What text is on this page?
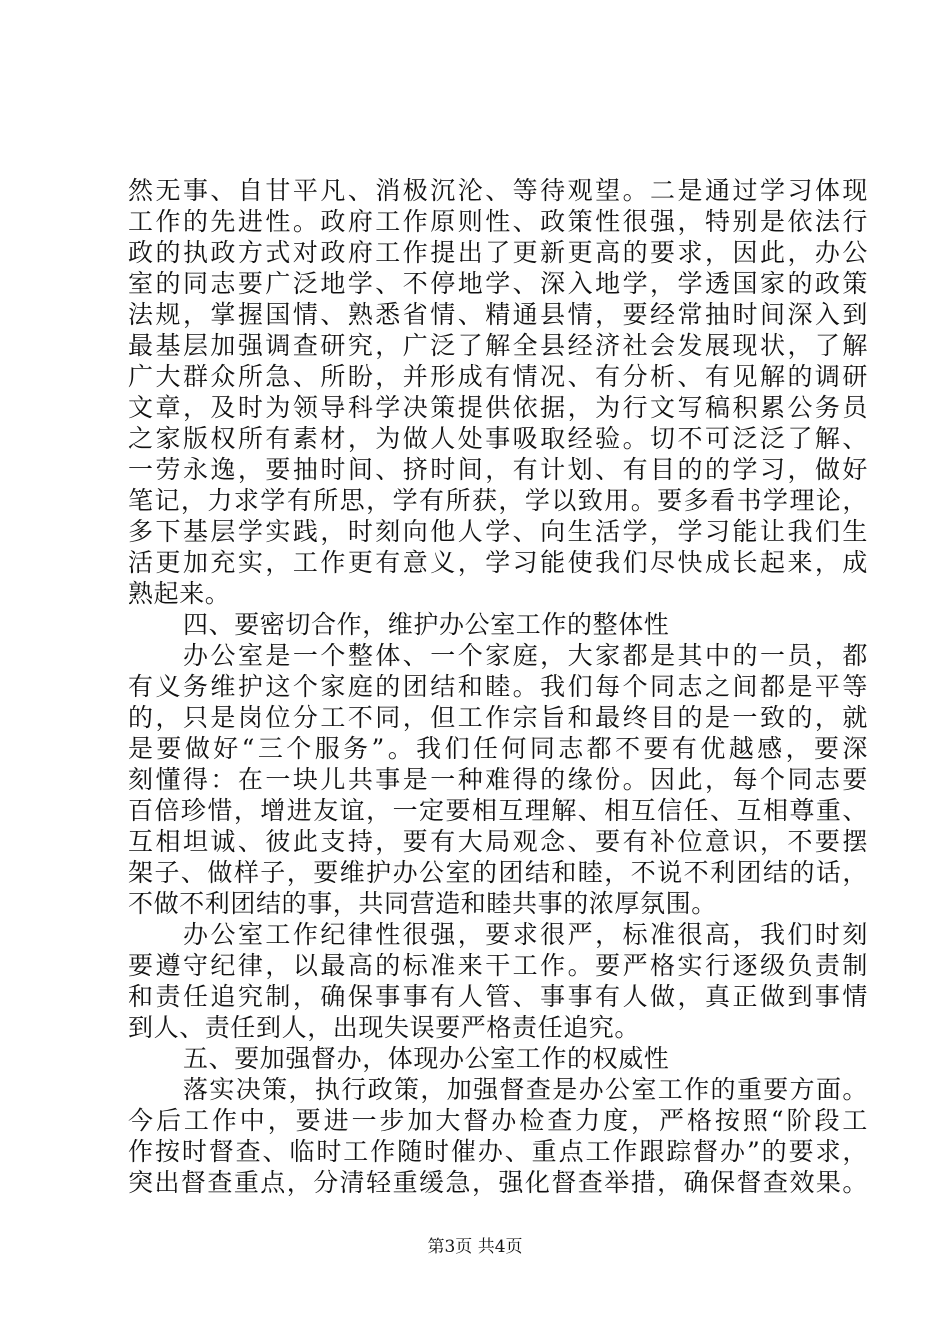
然无事、自甘平凡、消极沉沦、等待观望。二是通过学习体现
工作的先进性。政府工作原则性、政策性很强，特别是依法行
政的执政方式对政府工作提出了更新更高的要求，因此，办公
室的同志要广泛地学、不停地学、深入地学，学透国家的政策
法规，掌握国情、熟悉省情、精通县情，要经常抽时间深入到
最基层加强调查研究，广泛了解全县经济社会发展现状，了解
广大群众所急、所盼，并形成有情况、有分析、有见解的调研
文章，及时为领导科学决策提供依据，为行文写稿积累公务员
之家版权所有素材，为做人处事吸取经验。切不可泛泛了解、
一劳永逸，要抽时间、挤时间，有计划、有目的的学习，做好
笔记，力求学有所思，学有所获，学以致用。要多看书学理论，
多下基层学实践，时刻向他人学、向生活学，学习能让我们生
活更加充实，工作更有意义，学习能使我们尽快成长起来，成
熟起来。
四、要密切合作，维护办公室工作的整体性
办公室是一个整体、一个家庭，大家都是其中的一员，都
有义务维护这个家庭的团结和睦。我们每个同志之间都是平等
的，只是岗位分工不同，但工作宗旨和最终目的是一致的，就
是要做好“三个服务”。我们任何同志都不要有优越感，要深
刻懂得：在一块儿共事是一种难得的缘份。因此，每个同志要
百倍珍惜，增进友谊，一定要相互理解、相互信任、互相尊重、
互相坦诚、彼此支持，要有大局观念、要有补位意识，不要摆
架子、做样子，要维护办公室的团结和睦，不说不利团结的话，
不做不利团结的事，共同营造和睦共事的浓厚氛围。
办公室工作纪律性很强，要求很严，标准很高，我们时刻
要遵守纪律，以最高的标准来干工作。要严格实行逐级负责制
和责任追究制，确保事事有人管、事事有人做，真正做到事情
到人、责任到人，出现失误要严格责任追究。
五、要加强督办，体现办公室工作的权威性
落实决策，执行政策，加强督查是办公室工作的重要方面。
今后工作中，要进一步加大督办检查力度，严格按照“阶段工
作按时督查、临时工作随时催办、重点工作跟踪督办”的要求，
突出督查重点，分清轻重缓急，强化督查举措，确保督查效果。
第3页 共4页
